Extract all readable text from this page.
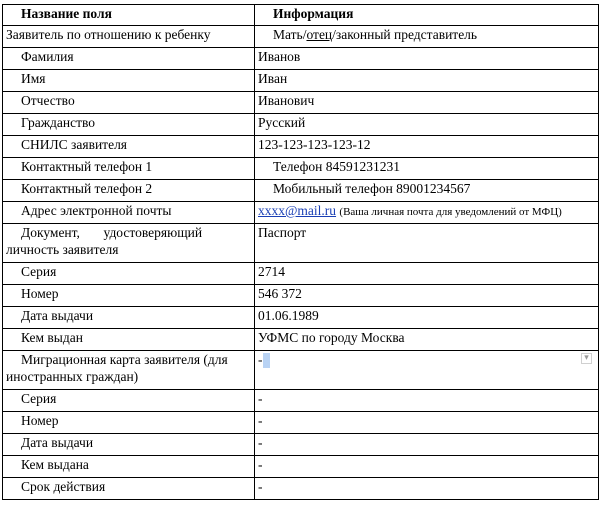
Название поля	Информация
Заявитель по отношению к ребенку	Мать/отец/законный представитель
Фамилия	Иванов
Имя	Иван
Отчество	Иванович
Гражданство	Русский
СНИЛС заявителя	123-123-123-123-12
Контактный телефон 1	Телефон 84591231231
Контактный телефон 2	Мобильный телефон 89001234567
Адрес электронной почты	xxxx@mail.ru (Ваша личная почта для уведомлений от МФЦ)
Документ,       удостоверяющий
личность заявителя	Паспорт
Серия	2714
Номер	546 372
Дата выдачи	01.06.1989
Кем выдан	УФМС по городу Москва
Миграционная карта заявителя (для
иностранных граждан)	- ▾

Серия	-
Номер	-
Дата выдачи	-
Кем выдана	-
Срок действия	-
